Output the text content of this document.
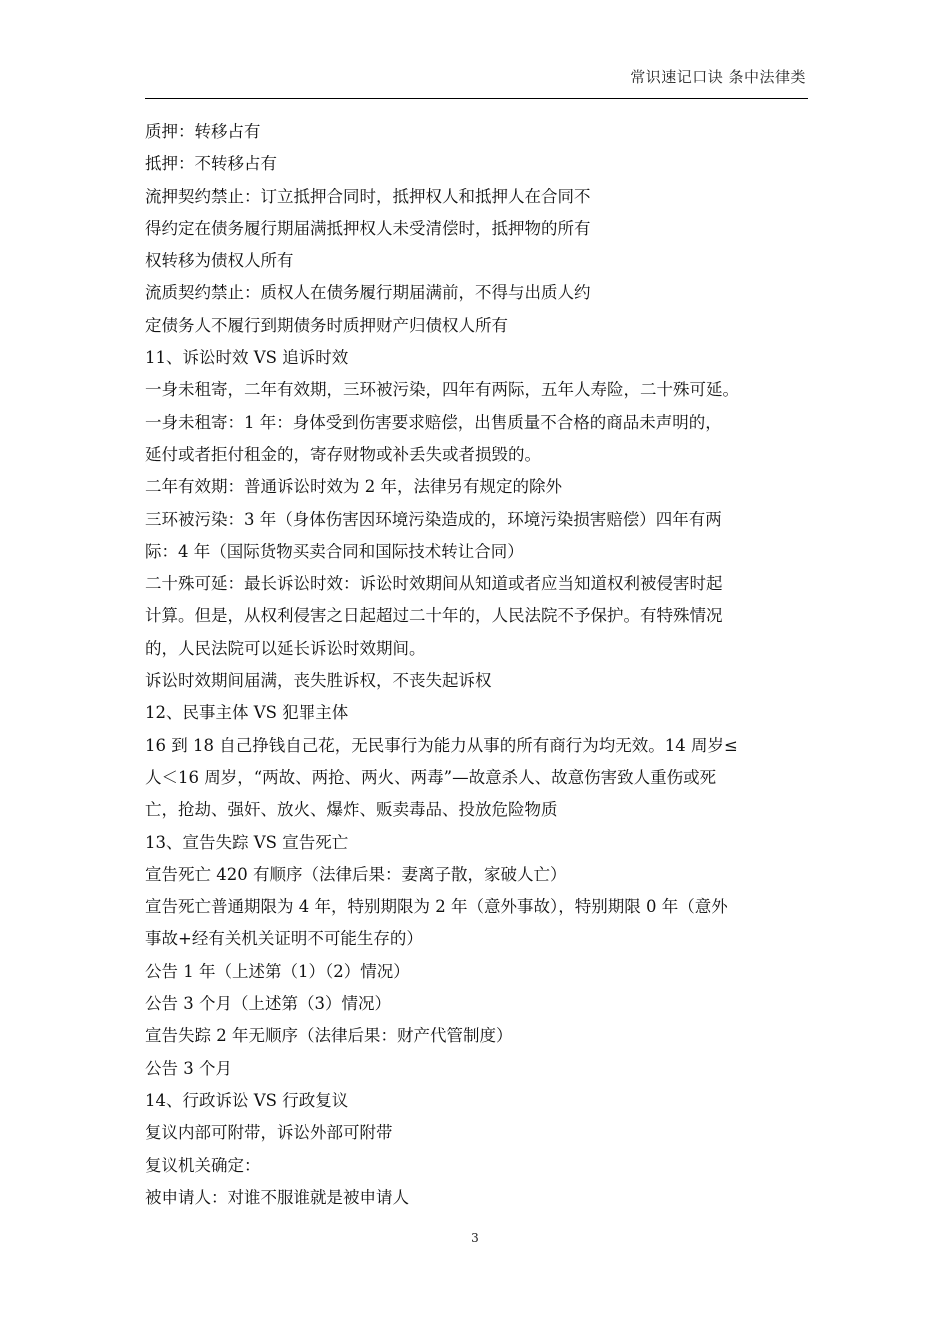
常识速记口诀 条中法律类
质押：转移占有
抵押：不转移占有
流押契约禁止：订立抵押合同时，抵押权人和抵押人在合同不
得约定在债务履行期届满抵押权人未受清偿时，抵押物的所有
权转移为债权人所有
流质契约禁止：质权人在债务履行期届满前，不得与出质人约
定债务人不履行到期债务时质押财产归债权人所有
11、诉讼时效 VS 追诉时效
一身未租寄，二年有效期，三环被污染，四年有两际，五年人寿险，二十殊可延。
一身未租寄：1 年：身体受到伤害要求赔偿，出售质量不合格的商品未声明的，
延付或者拒付租金的，寄存财物或补丢失或者损毁的。
二年有效期：普通诉讼时效为 2 年，法律另有规定的除外
三环被污染：3 年（身体伤害因环境污染造成的，环境污染损害赔偿）四年有两
际：4 年（国际货物买卖合同和国际技术转让合同）
二十殊可延：最长诉讼时效：诉讼时效期间从知道或者应当知道权利被侵害时起
计算。但是，从权利侵害之日起超过二十年的，人民法院不予保护。有特殊情况
的，人民法院可以延长诉讼时效期间。
诉讼时效期间届满，丧失胜诉权，不丧失起诉权
12、民事主体 VS 犯罪主体
16 到 18 自己挣钱自己花，无民事行为能力从事的所有商行为均无效。14 周岁≤
人＜16 周岁，“两故、两抢、两火、两毒”—故意杀人、故意伤害致人重伤或死
亡，抢劫、强奸、放火、爆炸、贩卖毒品、投放危险物质
13、宣告失踪 VS 宣告死亡
宣告死亡 420 有顺序（法律后果：妻离子散，家破人亡）
宣告死亡普通期限为 4 年，特别期限为 2 年（意外事故），特别期限 0 年（意外
事故+经有关机关证明不可能生存的）
公告 1 年（上述第（1）（2）情况）
公告 3 个月（上述第（3）情况）
宣告失踪 2 年无顺序（法律后果：财产代管制度）
公告 3 个月
14、行政诉讼 VS 行政复议
复议内部可附带，诉讼外部可附带
复议机关确定：
被申请人：对谁不服谁就是被申请人
3
